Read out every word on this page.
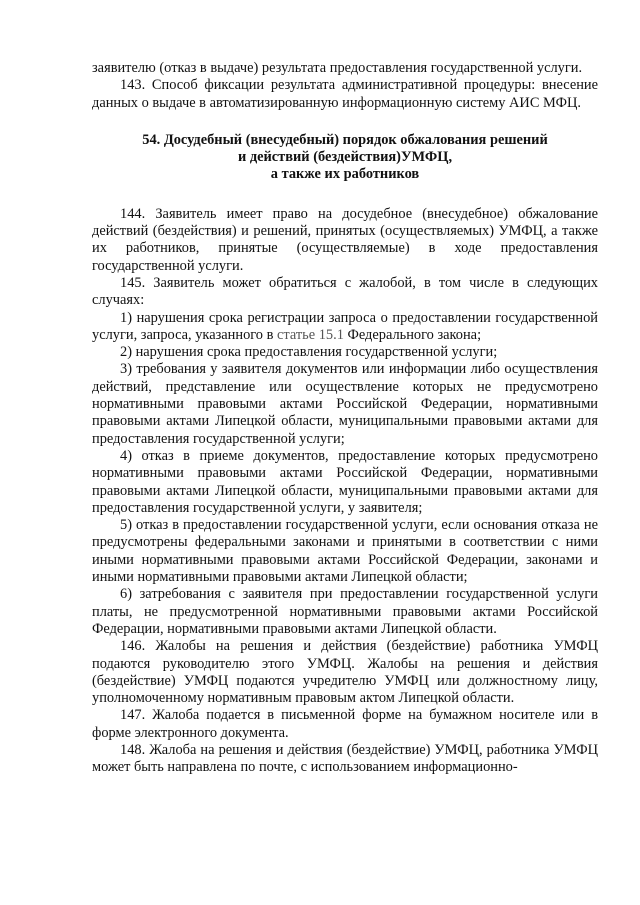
заявителю (отказ в выдаче) результата предоставления государственной услуги.

143. Способ фиксации результата административной процедуры: внесение данных о выдаче в автоматизированную информационную систему АИС МФЦ.

54. Досудебный (внесудебный) порядок обжалования решений
и действий (бездействия)УМФЦ,
а также их работников

144. Заявитель имеет право на досудебное (внесудебное) обжалование действий (бездействия) и решений, принятых (осуществляемых) УМФЦ, а также их работников, принятые (осуществляемые) в ходе предоставления государственной услуги.

145. Заявитель может обратиться с жалобой, в том числе в следующих случаях:

1) нарушения срока регистрации запроса о предоставлении государственной услуги, запроса, указанного в статье 15.1 Федерального закона;

2) нарушения срока предоставления государственной услуги;

3) требования у заявителя документов или информации либо осуществления действий, представление или осуществление которых не предусмотрено нормативными правовыми актами Российской Федерации, нормативными правовыми актами Липецкой области, муниципальными правовыми актами для предоставления государственной услуги;

4) отказ в приеме документов, предоставление которых предусмотрено нормативными правовыми актами Российской Федерации, нормативными правовыми актами Липецкой области, муниципальными правовыми актами для предоставления государственной услуги, у заявителя;

5) отказ в предоставлении государственной услуги, если основания отказа не предусмотрены федеральными законами и принятыми в соответствии с ними иными нормативными правовыми актами Российской Федерации, законами и иными нормативными правовыми актами Липецкой области;

6) затребования с заявителя при предоставлении государственной услуги платы, не предусмотренной нормативными правовыми актами Российской Федерации, нормативными правовыми актами Липецкой области.

146. Жалобы на решения и действия (бездействие) работника УМФЦ подаются руководителю этого УМФЦ. Жалобы на решения и действия (бездействие) УМФЦ подаются учредителю УМФЦ или должностному лицу, уполномоченному нормативным правовым актом Липецкой области.

147. Жалоба подается в письменной форме на бумажном носителе или в форме электронного документа.

148. Жалоба на решения и действия (бездействие) УМФЦ, работника УМФЦ может быть направлена по почте, с использованием информационно-
